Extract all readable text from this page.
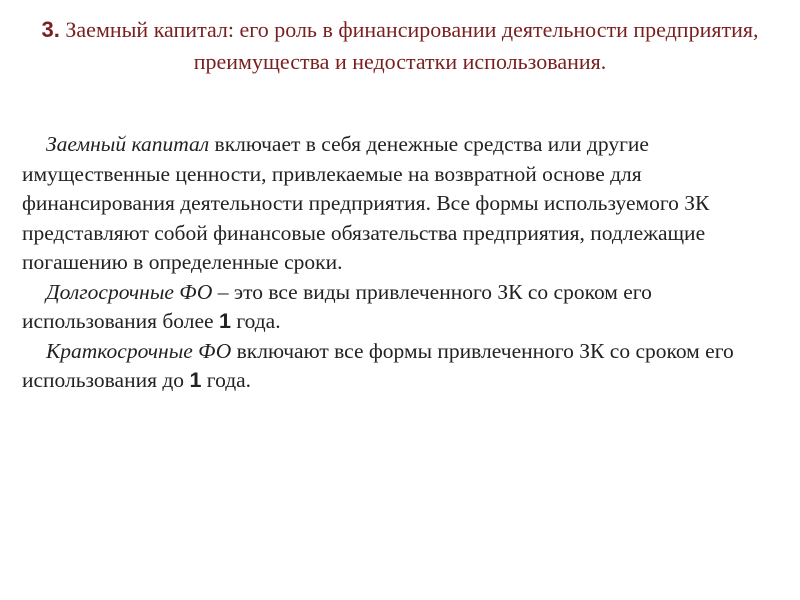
3. Заемный капитал: его роль в финансировании деятельности предприятия, преимущества и недостатки использования.

Заемный капитал включает в себя денежные средства или другие имущественные ценности, привлекаемые на возвратной основе для финансирования деятельности предприятия. Все формы используемого ЗК представляют собой финансовые обязательства предприятия, подлежащие погашению в определенные сроки.

Долгосрочные ФО – это все виды привлеченного ЗК со сроком его использования более 1 года.

Краткосрочные ФО включают все формы привлеченного ЗК со сроком его использования до 1 года.
